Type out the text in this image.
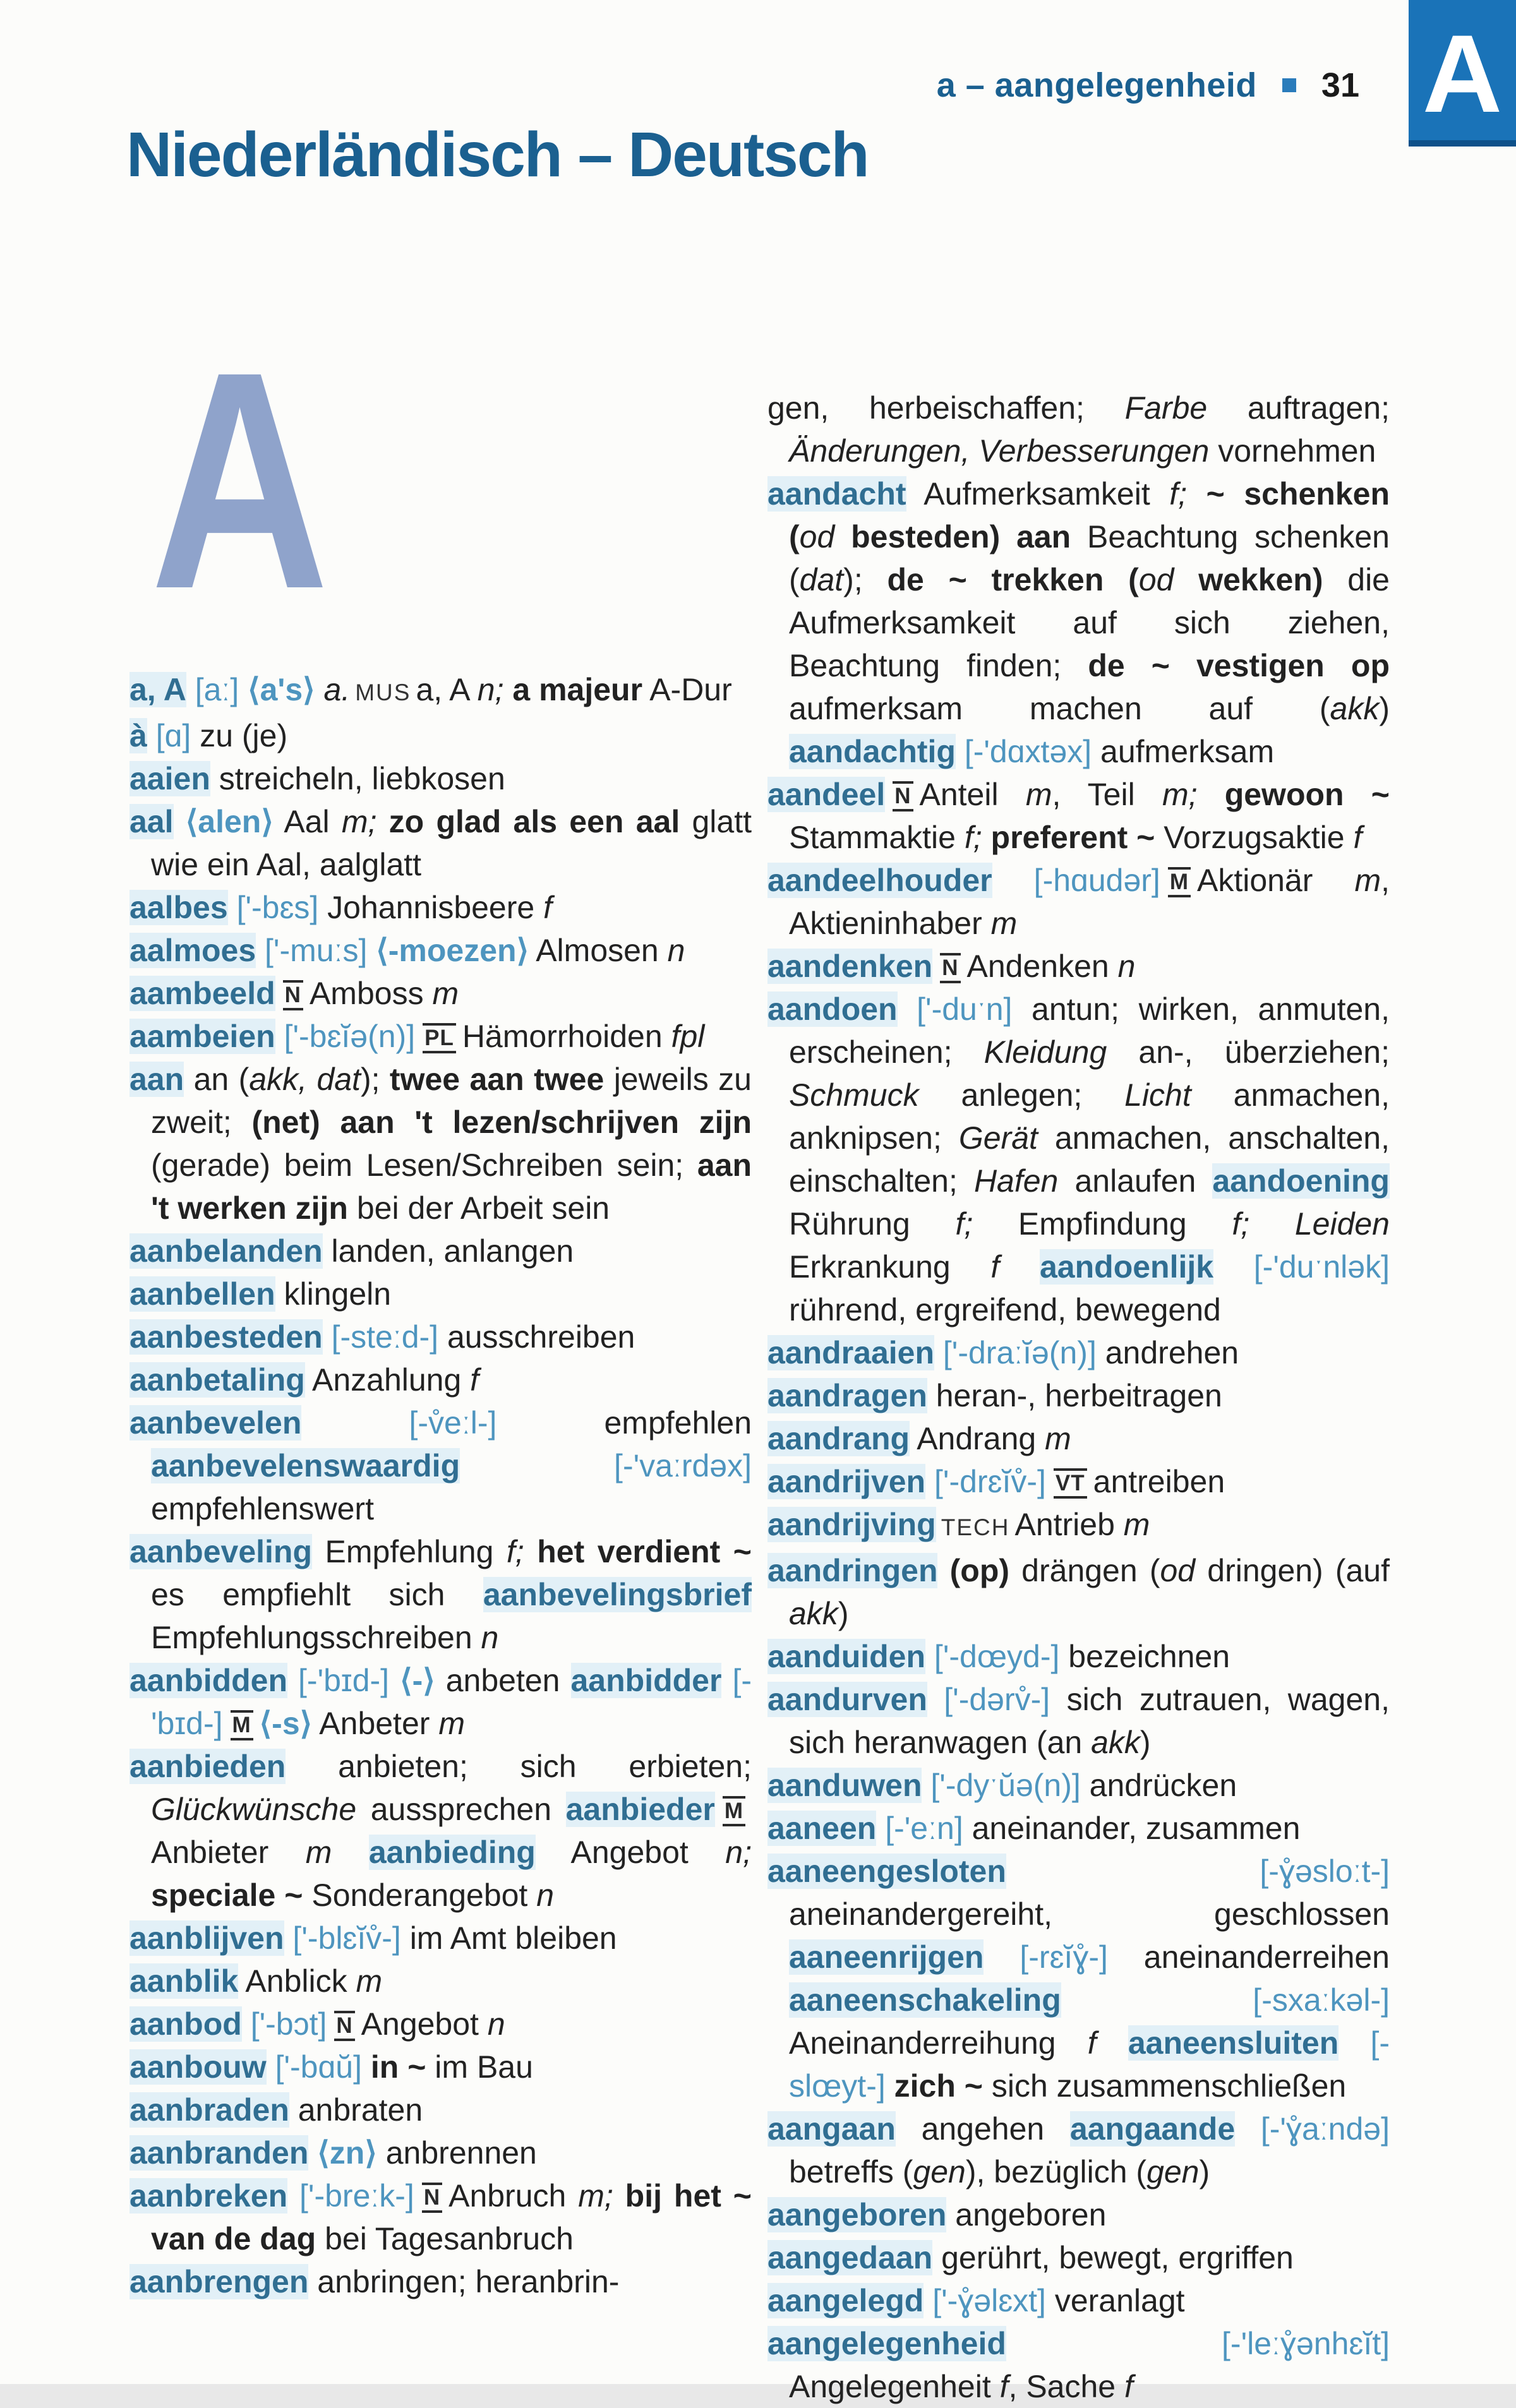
a – aangelegenheid 31 A
Niederländisch – Deutsch
A

a, A [aː] ⟨a's⟩ a. MUS a, A n; a majeur A-Dur

à [ɑ] zu (je)

aaien streicheln, liebkosen

aal ⟨alen⟩ Aal m; zo glad als een aal glatt wie ein Aal, aalglatt

aalbes ['-bɛs] Johannisbeere f

aalmoes ['-muːs] ⟨-moezen⟩ Almosen n

aambeeld N Amboss m

aambeien ['-bɛĭə(n)] PL Hämorrhoiden fpl

aan an (akk, dat); twee aan twee jeweils zu zweit; (net) aan 't lezen/schrijven zijn (gerade) beim Lesen/Schreiben sein; aan 't werken zijn bei der Arbeit sein

aanbelanden landen, anlangen

aanbellen klingeln

aanbesteden [-steːd-] ausschreiben

aanbetaling Anzahlung f

aanbevelen [-v̊eːl-] empfehlen aanbevelenswaardig [-'vaːrdəx] empfehlenswert

aanbeveling Empfehlung f; het verdient ~ es empfiehlt sich aanbevelingsbrief Empfehlungsschreiben n

aanbidden [-'bɪd-] ⟨-⟩ anbeten aanbidder [-'bɪd-] M ⟨-s⟩ Anbeter m

aanbieden anbieten; sich erbieten; Glückwünsche aussprechen aanbieder MAnbieter m aanbieding Angebot n; speciale ~ Sonderangebot n

aanblijven ['-blɛĭv̊-] im Amt bleiben

aanblik Anblick m

aanbod ['-bɔt] N Angebot n

aanbouw ['-bɑŭ] in ~ im Bau

aanbraden anbraten

aanbranden ⟨zn⟩ anbrennen

aanbreken ['-breːk-] N Anbruch m; bij het ~ van de dag bei Tagesanbruch

aanbrengen anbringen; heranbrin-

gen, herbeischaffen; Farbe auftragen; Änderungen, Verbesserungen vornehmen

aandacht Aufmerksamkeit f; ~ schenken (od besteden) aan Beachtung schenken (dat); de ~ trekken (od wekken) die Aufmerksamkeit auf sich ziehen, Beachtung finden; de ~ vestigen op aufmerksam machen auf (akk) aandachtig [-'dɑxtəx] aufmerksam

aandeel N Anteil m, Teil m; gewoon ~ Stammaktie f; preferent ~ Vorzugsaktie f

aandeelhouder [-hɑudər] M Aktionär m, Aktieninhaber m

aandenken N Andenken n

aandoen ['-duˑn] antun; wirken, anmuten, erscheinen; Kleidung an-, überziehen; Schmuck anlegen; Licht anmachen, anknipsen; Gerät anmachen, anschalten, einschalten; Hafen anlaufen aandoening Rührung f; Empfindung f; Leiden Erkrankung f aandoenlijk [-'duˑnlək] rührend, ergreifend, bewegend

aandraaien ['-draːĭə(n)] andrehen

aandragen heran-, herbeitragen

aandrang Andrang m

aandrijven ['-drɛĭv̊-] VT antreiben

aandrijving TECH Antrieb m

aandringen (op) drängen (od dringen) (auf akk)

aanduiden ['-dœyd-] bezeichnen

aandurven ['-dərv̊-] sich zutrauen, wagen, sich heranwagen (an akk)

aanduwen ['-dyˑŭə(n)] andrücken

aaneen [-'eːn] aneinander, zusammen

aaneengesloten [-ɣ̊əsloːt-] aneinandergereiht, geschlossen aaneenrijgen [-rɛĭɣ̊-] aneinanderreihen aaneenschakeling [-sxaːkəl-] Aneinanderreihung f aaneensluiten [-slœyt-] zich ~ sich zusammenschließen

aangaan angehen aangaande [-'ɣ̊aːndə] betreffs (gen), bezüglich (gen)

aangeboren angeboren

aangedaan gerührt, bewegt, ergriffen

aangelegd ['-ɣ̊əlɛxt] veranlagt

aangelegenheid [-'leːɣ̊ənhɛĭt] Angelegenheit f, Sache f
